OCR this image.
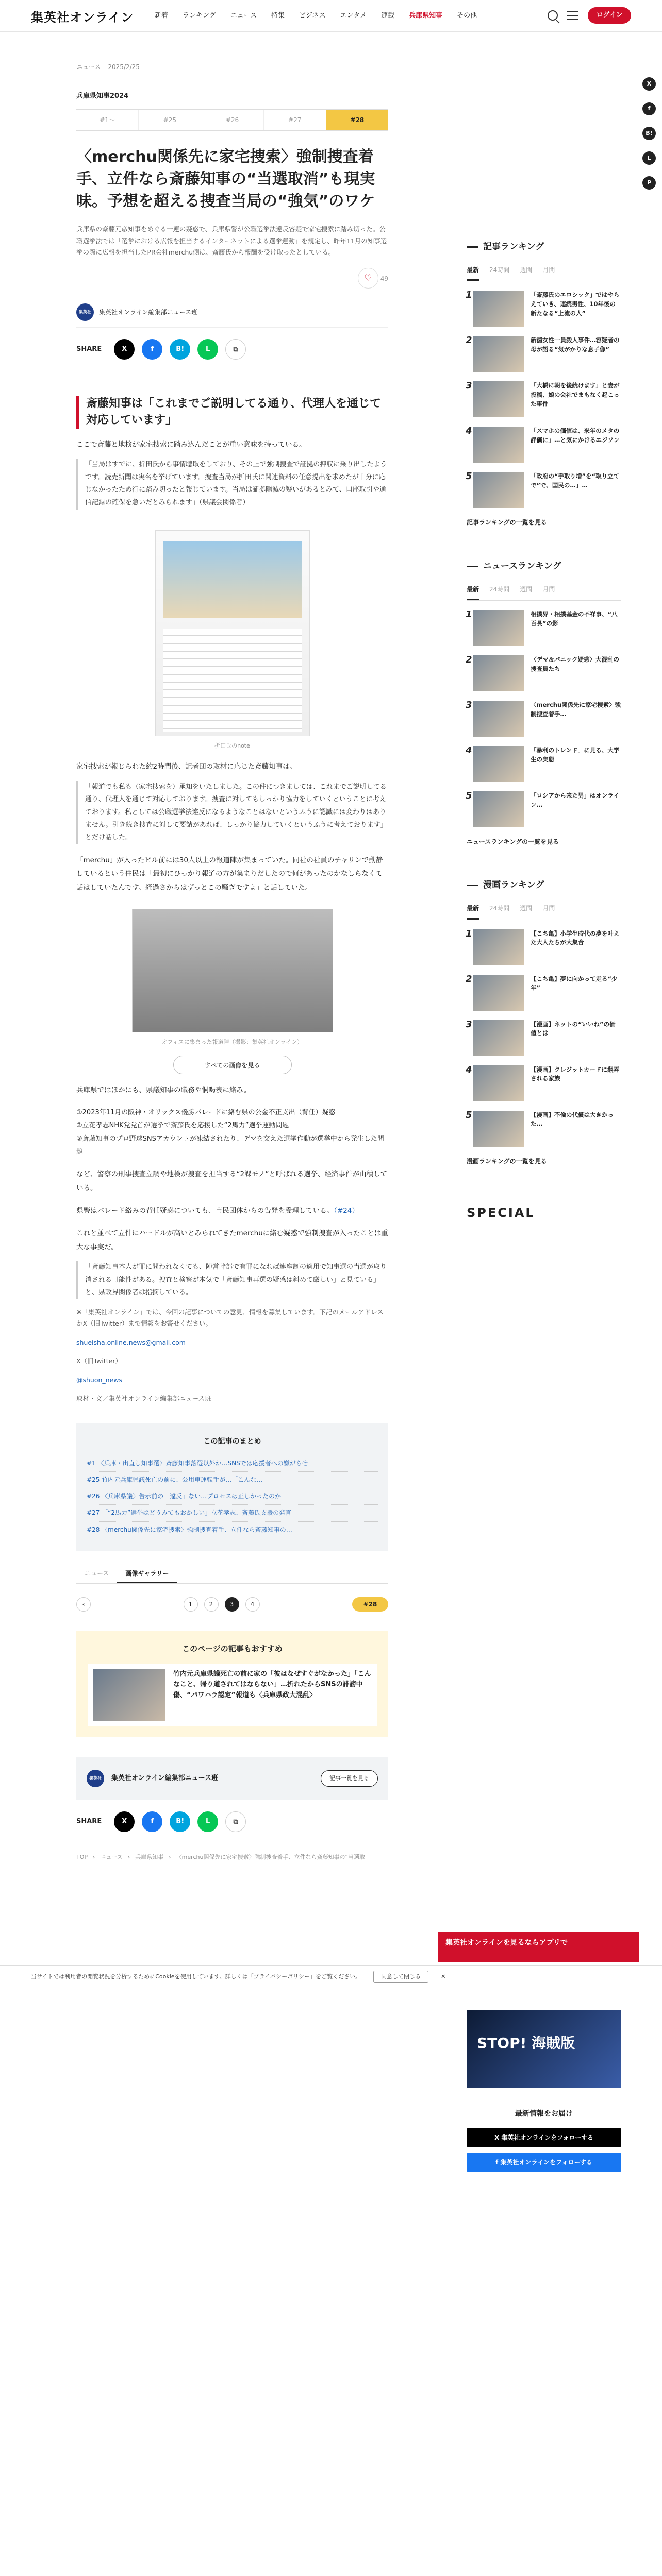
集英社オンライン	新着 ランキング ニュース 特集 ビジネス エンタメ 連載 兵庫県知事 その他	ログイン
X
f
B!
L
P
ニュース 2025/2/25
兵庫県知事2024
#1〜	#25	#26	#27	#28
〈merchu関係先に家宅捜索〉強制捜査着手、立件なら斎藤知事の“当選取消”も現実味。予想を超える捜査当局の“強気”のワケ

兵庫県の斎藤元彦知事をめぐる一連の疑惑で、兵庫県警が公職選挙法違反容疑で家宅捜索に踏み切った。公職選挙法では「選挙における広報を担当するインターネットによる選挙運動」を規定し、昨年11月の知事選挙の際に広報を担当したPR会社merchu側は、斎藤氏から報酬を受け取ったとしている。

♡ 49
集英社	集英社オンライン編集部ニュース班
SHARE	X	f	B!	L	⧉
斎藤知事は「これまでご説明してる通り、代理人を通じて対応しています」

ここで斎藤と地検が家宅捜索に踏み込んだことが重い意味を持っている。

「当局はすでに、折田氏から事情聴取をしており、その上で強制捜査で証拠の押収に乗り出したようです。読売新聞は実名を挙げています。捜査当局が折田氏に関連資料の任意提出を求めたが十分に応じなかったため行に踏み切ったと報じています。当局は証拠隠滅の疑いがあるとみて、口座取引や通信記録の確保を急いだとみられます」（県議会関係者）
折田氏のnote

家宅捜索が報じられた約2時間後、記者団の取材に応じた斎藤知事は。

「報道でも私も（家宅捜索を）承知をいたしました。この件につきましては、これまでご説明してる通り、代理人を通じて対応しております。捜査に対してもしっかり協力をしていくということに考えております。私としては公職選挙法違反になるようなことはないというふうに認識には変わりはありません。引き続き捜査に対して要請があれば、しっかり協力していくというふうに考えております」とだけ話した。

「merchu」が入ったビル前には30人以上の報道陣が集まっていた。同社の社員のチャリンで動静しているという住民は「最初にひっかり報道の方が集まりだしたので何があったのかなしらなくて話はしていたんです。経過さからはずっとこの騒ぎですよ」と話していた。

オフィスに集まった報道陣（撮影：集英社オンライン）
すべての画像を見る

兵庫県ではほかにも、県議知事の職務や恫喝表に絡み。

①2023年11月の阪神・オリックス優勝パレードに絡む県の公金不正支出（背任）疑惑
②立花孝志NHK党党首が選挙で斎藤氏を応援した“2馬力”選挙運動問題
③斎藤知事のプロ野球SNSアカウントが凍結されたり、デマを交えた選挙作動が選挙中から発生した問題

など、警察の刑事捜査立調や地検が捜査を担当する“2課モノ”と呼ばれる選挙、経済事件が山積している。

県警はパレード絡みの背任疑惑についても、市民団体からの告発を受理している。（#24）

これと並べて立件にハードルが高いとみられてきたmerchuに絡む疑惑で強制捜査が入ったことは重大な事実だ。

「斎藤知事本人が罪に問われなくても、陣営幹部で有罪になれば連座制の適用で知事選の当選が取り消される可能性がある。捜査と検察が本気で「斎藤知事再選の疑惑は斜めて厳しい」と見ている」と、県政界関係者は指摘している。

※「集英社オンライン」では、今回の記事についての意見、情報を募集しています。下記のメールアドレスかX（旧Twitter）まで情報をお寄せください。

shueisha.online.news@gmail.com

X（旧Twitter）

@shuon_news

取材・文／集英社オンライン編集部ニュース班

この記事のまとめ
#1 〈兵庫・出直し知事選〉斎藤知事落選以外か…SNSでは応援者への嫌がらせ
#25 竹内元兵庫県議死亡の前に、公用車運転手が…「こんな…
#26 〈兵庫県議〉告示前の「違反」ない…プロセスは正しかったのか
#27 「“2馬力”選挙はどうみてもおかしい」立花孝志、斎藤氏支援の発言
#28 〈merchu関係先に家宅捜索〉強制捜査着手、立件なら斎藤知事の…
ニュース	画像ギャラリー
‹	1	2	3	4	#28
このページの記事もおすすめ
竹内元兵庫県議死亡の前に家の「彼はなぜすぐがなかった」「こんなこと、帰り道されてはならない」…折れたからSNSの誹謗中傷、“パワハラ認定”報道も〈兵庫県政大混乱〉
集英社	集英社オンライン編集部ニュース班	記事一覧を見る
SHARE	X	f	B!	L	⧉
TOP › ニュース › 兵庫県知事 › 〈merchu関係先に家宅捜索〉強制捜査着手、立件なら斎藤知事の“当選取
記事ランキング
最新 24時間 週間 月間
1	「斎藤氏のエロシック」ではやらえていき、連続男性、10年後の新たなる“上流の人”
2	新潟女性一員殺人事件…容疑者の母が語る“気がかりな息子像”
3	「大橋に朝を後続けます」と妻が投稿、娘の会社でまもなく起こった事件
4	「スマホの価値は、来年のメタの評価に」…と気にかけるエジソン
5	「政府の“手取り増”を“取り立てで”で、国民の…」…
記事ランキングの一覧を見る
ニュースランキング
最新 24時間 週間 月間
1	相撲界・相撲基金の不祥事、“八百長”の影
2	〈デマ＆パニック疑惑〉大混乱の捜査員たち
3	〈merchu関係先に家宅捜索〉強制捜査着手…
4	「暴利のトレンド」に見る、大学生の実態
5	「ロシアから来た男」はオンライン…
ニュースランキングの一覧を見る
漫画ランキング
最新 24時間 週間 月間
1	【こち亀】小学生時代の夢を叶えた大人たちが大集合
2	【こち亀】夢に向かって走る“少年”
3	【漫画】ネットの“いいね”の価値とは
4	【漫画】クレジットカードに翻弄される家族
5	【漫画】不倫の代償は大きかった…
漫画ランキングの一覧を見る
SPECIAL
集英社オンラインを見るならアプリで
当サイトでは利用者の閲覧状況を分析するためにCookieを使用しています。詳しくは「プライバシーポリシー」をご覧ください。	同意して閉じる	✕
STOP! 海賊版
最新情報をお届け
X 集英社オンラインをフォローする
f 集英社オンラインをフォローする
